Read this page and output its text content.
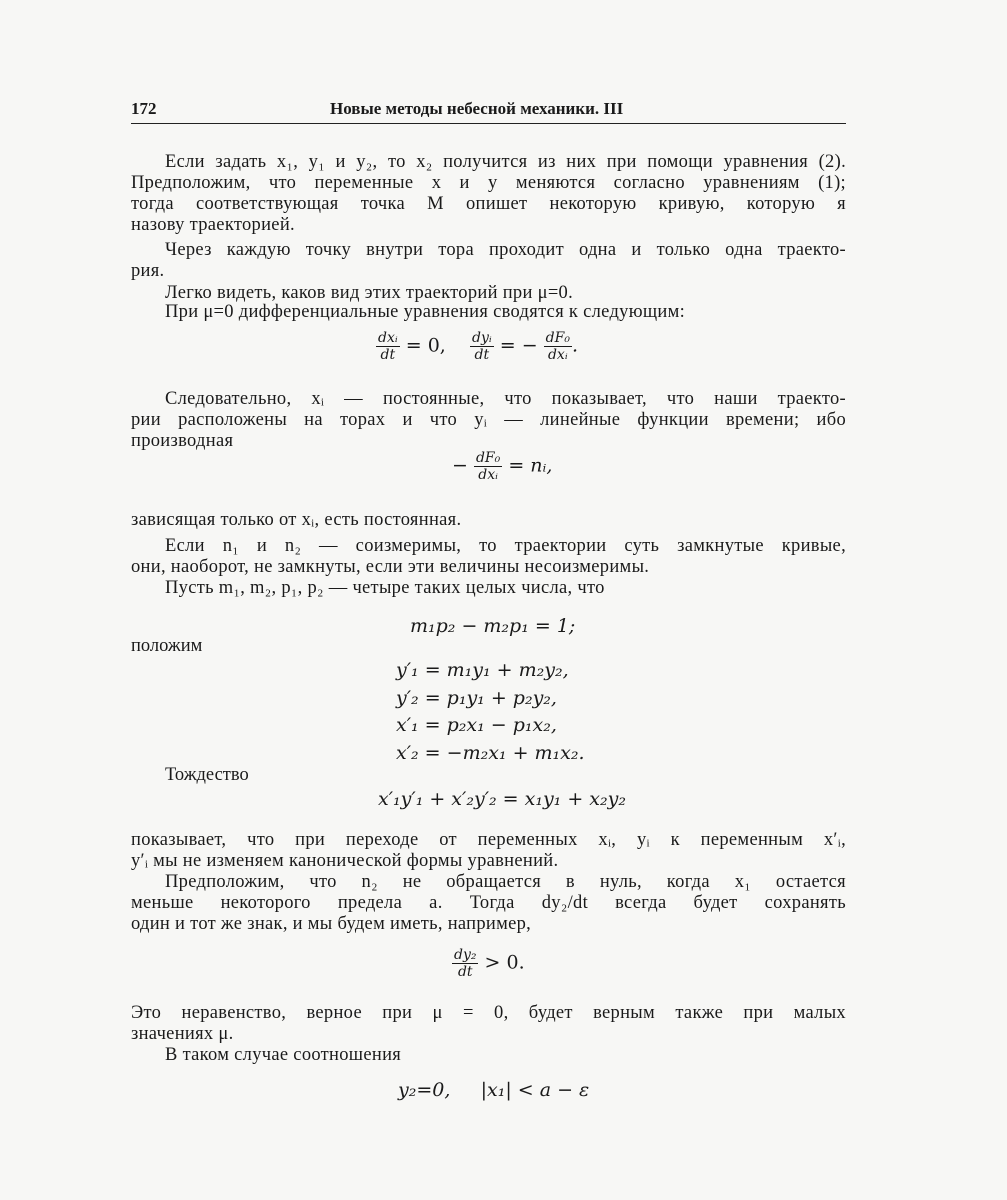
172	Новые методы небесной механики. III
Если задать x₁, y₁ и y₂, то x₂ получится из них при помощи уравнения (2).
Предположим, что переменные x и y меняются согласно уравнениям (1);
тогда соответствующая точка M опишет некоторую кривую, которую я
назову траекторией.
Через каждую точку внутри тора проходит одна и только одна траекто-
рия.
Легко видеть, каков вид этих траекторий при μ=0.
При μ=0 дифференциальные уравнения сводятся к следующим:
$\frac{\text{dxᵢ}}{dt} = 0$, $\frac{\text{dyᵢ}}{dt}$ = − $\frac{\text{dF₀}}{\text{dxᵢ}}$ .
Следовательно, xᵢ — постоянные, что показывает, что наши траекто-
рии расположены на торах и что yᵢ — линейные функции времени; ибо
производная
− $\frac{\text{dF₀}}{\text{dxᵢ}}$ = nᵢ,
зависящая только от xᵢ, есть постоянная.
Если n₁ и n₂ — соизмеримы, то траектории суть замкнутые кривые,
они, наоборот, не замкнуты, если эти величины несоизмеримы.
Пусть m₁, m₂, p₁, p₂ — четыре таких целых числа, что
m₁p₂ − m₂p₁ = 1;
положим
y′₁ = m₁y₁ + m₂y₂,
y′₂ = p₁y₁ + p₂y₂,
x′₁ = p₂x₁ − p₁x₂,
x′₂ = −m₂x₁ + m₁x₂.
Тождество
x′₁y′₁ + x′₂y′₂ = x₁y₁ + x₂y₂
показывает, что при переходе от переменных xᵢ, yᵢ к переменным x′ᵢ,
y′ᵢ мы не изменяем канонической формы уравнений.
Предположим, что n₂ не обращается в нуль, когда x₁ остается
меньше некоторого предела a. Тогда dy₂/dt всегда будет сохранять
один и тот же знак, и мы будем иметь, например,
$\frac{\text{dy₂}}{dt} > 0$.
Это неравенство, верное при μ = 0, будет верным также при малых
значениях μ.
В таком случае соотношения
y₂=0,     |x₁| < a − ε
